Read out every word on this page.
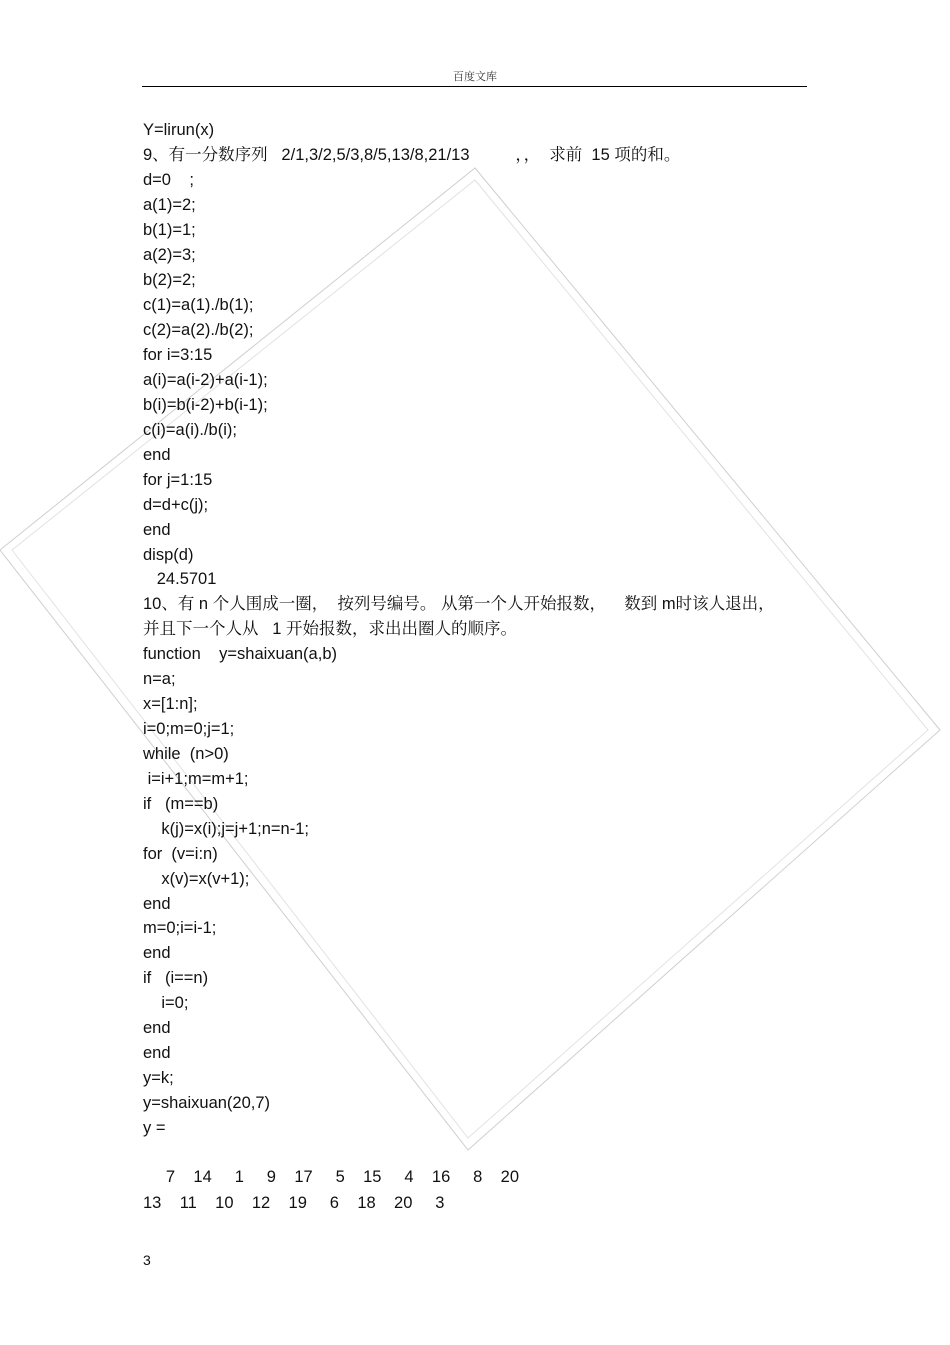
百度文库
Y=lirun(x)
9、有一分数序列   2/1,3/2,5/3,8/5,13/8,21/13          ，，  求前  15 项的和。
d=0    ;
a(1)=2;
b(1)=1;
a(2)=3;
b(2)=2;
c(1)=a(1)./b(1);
c(2)=a(2)./b(2);
for i=3:15
a(i)=a(i-2)+a(i-1);
b(i)=b(i-2)+b(i-1);
c(i)=a(i)./b(i);
end
for j=1:15
d=d+c(j);
end
disp(d)
24.5701
10、有 n 个人围成一圈，  按列号编号。 从第一个人开始报数，    数到 m时该人退出，
并且下一个人从   1 开始报数，求出出圈人的顺序。
function    y=shaixuan(a,b)
n=a;
x=[1:n];
i=0;m=0;j=1;
while  (n>0)
i=i+1;m=m+1;
if   (m==b)
k(j)=x(i);j=j+1;n=n-1;
for  (v=i:n)
x(v)=x(v+1);
end
m=0;i=i-1;
end
if   (i==n)
i=0;
end
end
y=k;
y=shaixuan(20,7)
y =
7    14     1     9    17     5    15     4    16     8    20
13    11    10    12    19     6    18    20     3
3
